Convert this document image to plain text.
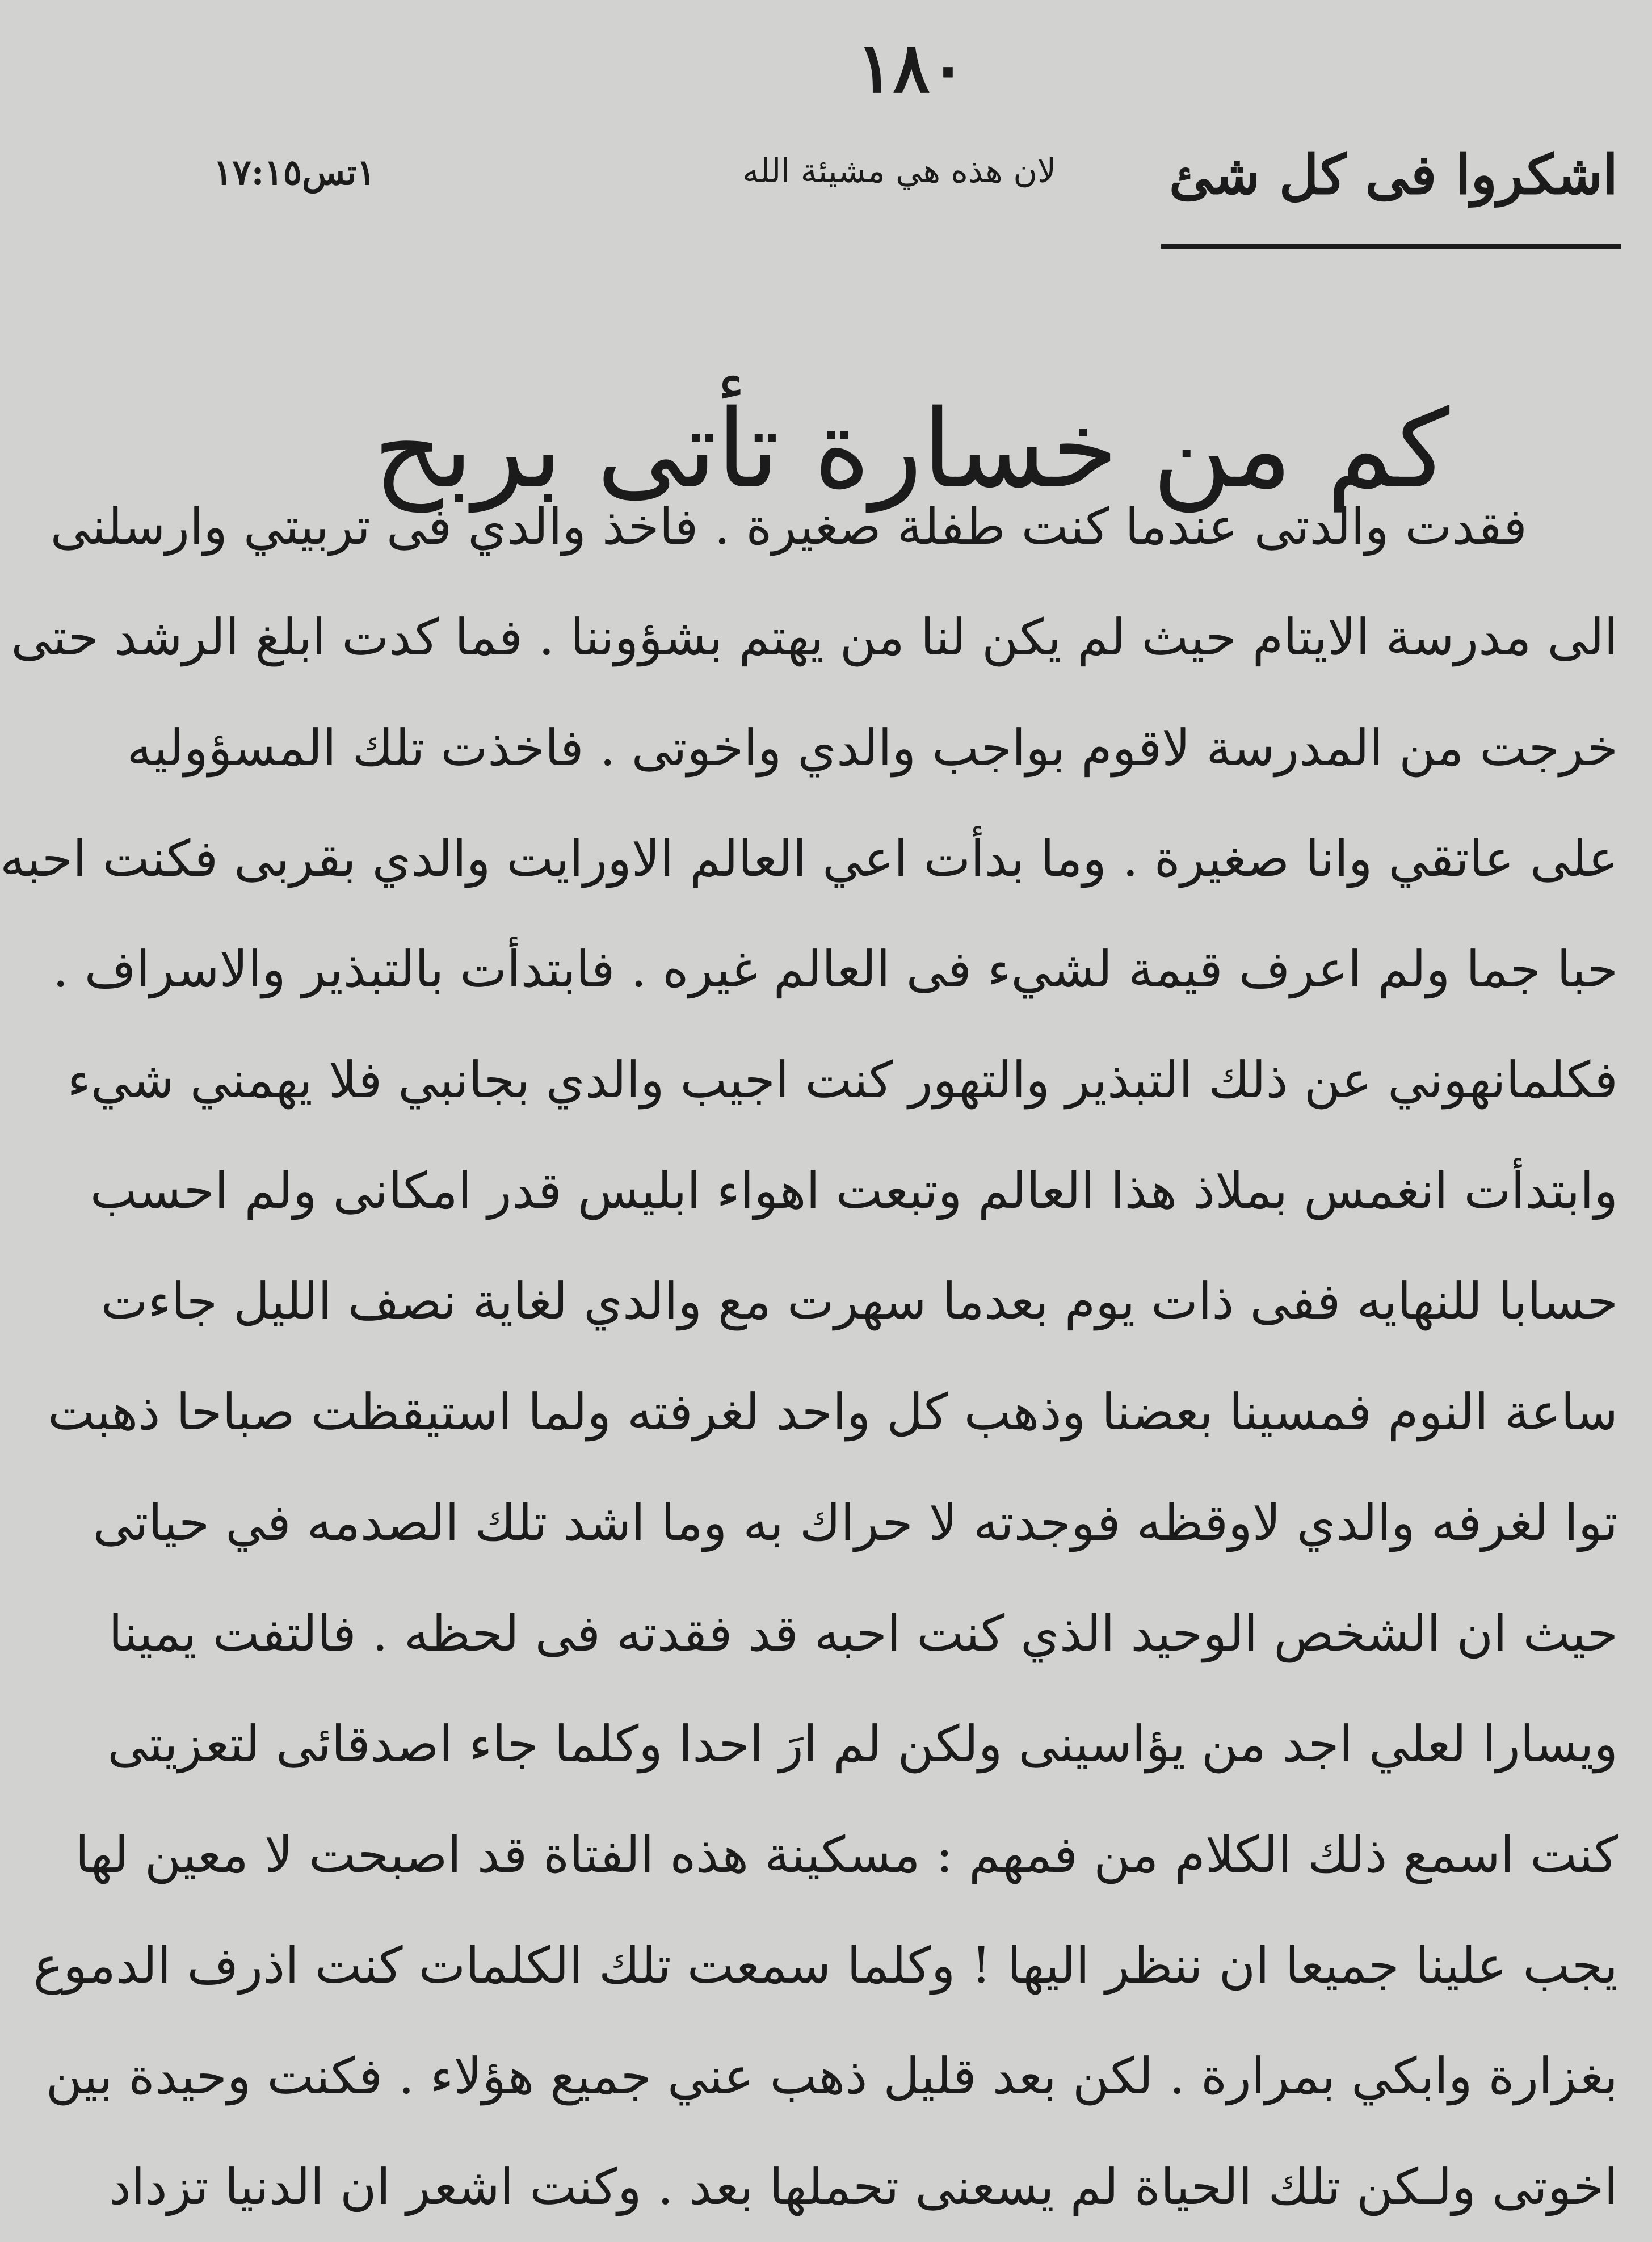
١٨٠
اشكروا فى كل شئ
لان هذه هي مشيئة الله
١تس١٧:١٥
كم من خسارة تأتى بربح
فقدت والدتى عندما كنت طفلة صغيرة . فاخذ والدي فى تربيتي وارسلنى
الى مدرسة الايتام حيث لم يكن لنا من يهتم بشؤوننا . فما كدت ابلغ الرشد حتى
خرجت من المدرسة لاقوم بواجب والدي واخوتى . فاخذت تلك المسؤوليه
على عاتقي وانا صغيرة . وما بدأت اعي العالم الاورايت والدي بقربى فكنت احبه
حبا جما ولم اعرف قيمة لشيء فى العالم غيره . فابتدأت بالتبذير والاسراف .
فكلمانهوني عن ذلك التبذير والتهور كنت اجيب والدي بجانبي فلا يهمني شيء
وابتدأت انغمس بملاذ هذا العالم وتبعت اهواء ابليس قدر امكانى ولم احسب
حسابا للنهايه ففى ذات يوم بعدما سهرت مع والدي لغاية نصف الليل جاءت
ساعة النوم فمسينا بعضنا وذهب كل واحد لغرفته ولما استيقظت صباحا ذهبت
توا لغرفه والدي لاوقظه فوجدته لا حراك به وما اشد تلك الصدمه في حياتى
حيث ان الشخص الوحيد الذي كنت احبه قد فقدته فى لحظه . فالتفت يمينا
ويسارا لعلي اجد من يؤاسينى ولكن لم ارَ احدا وكلما جاء اصدقائى لتعزيتى
كنت اسمع ذلك الكلام من فمهم : مسكينة هذه الفتاة قد اصبحت لا معين لها
يجب علينا جميعا ان ننظر اليها ! وكلما سمعت تلك الكلمات كنت اذرف الدموع
بغزارة وابكي بمرارة . لكن بعد قليل ذهب عني جميع هؤلاء . فكنت وحيدة بين
اخوتى ولـكن تلك الحياة لم يسعنى تحملها بعد . وكنت اشعر ان الدنيا تزداد
